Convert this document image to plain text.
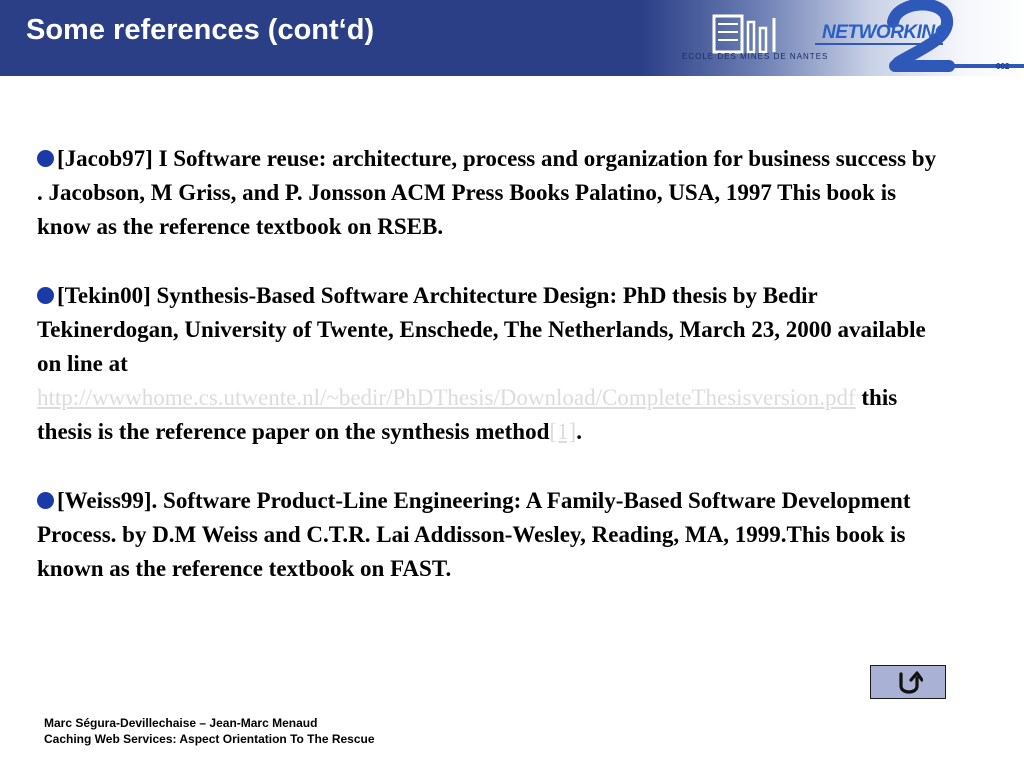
Some references (cont‘d)
ECOLE DES MINES DE NANTES
NETWORKING
002

[Jacob97] I Software reuse: architecture, process and organization for business success by . Jacobson, M Griss, and P. Jonsson ACM Press Books Palatino, USA, 1997 This book is know as the reference textbook on RSEB.

[Tekin00] Synthesis-Based Software Architecture Design: PhD thesis by Bedir Tekinerdogan, University of Twente, Enschede, The Netherlands, March 23, 2000 available on line at http://wwwhome.cs.utwente.nl/~bedir/PhDThesis/Download/CompleteThesisversion.pdf this thesis is the reference paper on the synthesis method[1].

[Weiss99]. Software Product-Line Engineering: A Family-Based Software Development Process. by D.M Weiss and C.T.R. Lai Addisson-Wesley, Reading, MA, 1999.This book is known as the reference textbook on FAST.

Marc Ségura-Devillechaise – Jean-Marc Menaud
Caching Web Services: Aspect Orientation To The Rescue
